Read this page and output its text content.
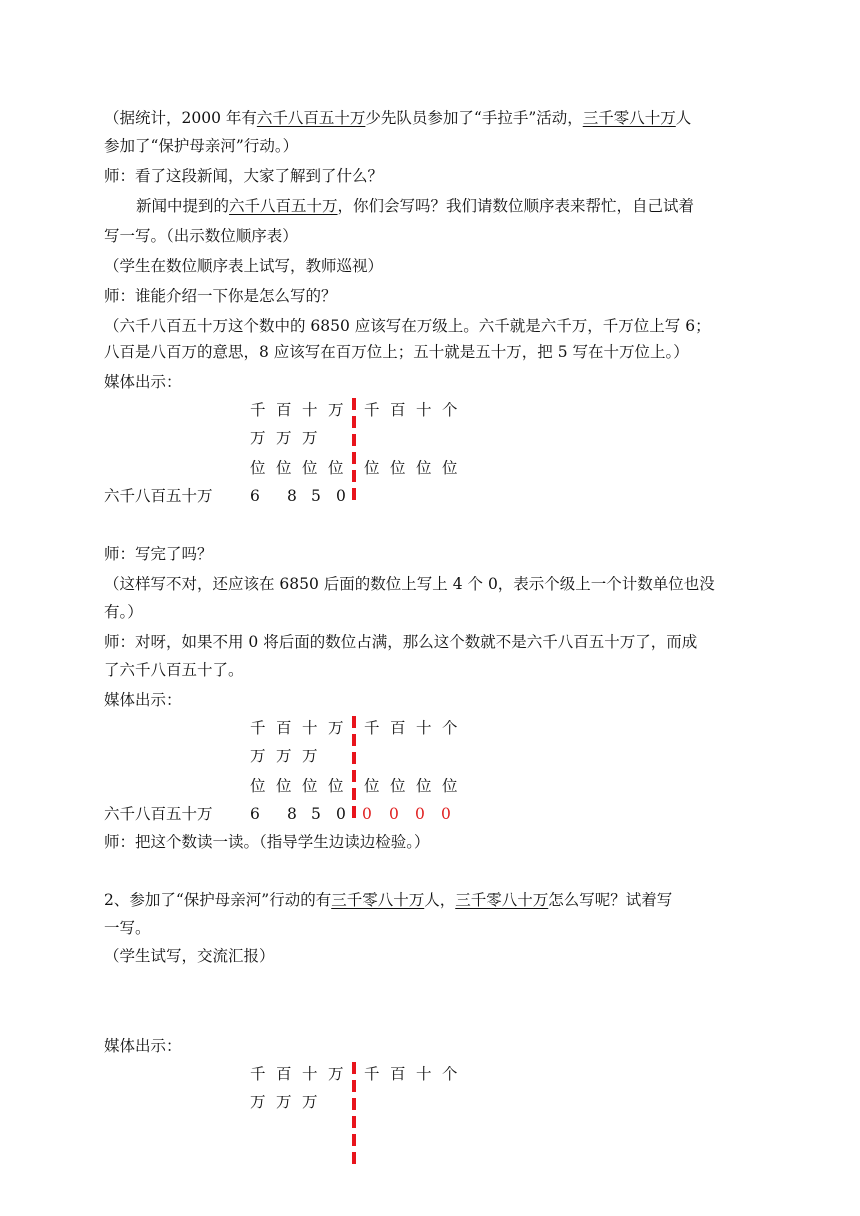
（据统计，2000 年有六千八百五十万少先队员参加了“手拉手”活动，三千零八十万人
参加了“保护母亲河”行动。）
师：看了这段新闻，大家了解到了什么？
新闻中提到的六千八百五十万，你们会写吗？我们请数位顺序表来帮忙，自己试着
写一写。（出示数位顺序表）
（学生在数位顺序表上试写，教师巡视）
师：谁能介绍一下你是怎么写的？
（六千八百五十万这个数中的 6850 应该写在万级上。六千就是六千万，千万位上写 6；
八百是八百万的意思，8 应该写在百万位上；五十就是五十万，把 5 写在十万位上。）
媒体出示：
千 百 十 万 千 百 十 个
万 万 万
位 位 位 位 位 位 位 位
六千八百五十万 6 8 5 0
师：写完了吗？
（这样写不对，还应该在 6850 后面的数位上写上 4 个 0，表示个级上一个计数单位也没
有。）
师：对呀，如果不用 0 将后面的数位占满，那么这个数就不是六千八百五十万了，而成
了六千八百五十了。
媒体出示：
千 百 十 万 千 百 十 个
万 万 万
位 位 位 位 位 位 位 位
六千八百五十万 6 8 5 0 0 0 0 0
师：把这个数读一读。（指导学生边读边检验。）
2、参加了“保护母亲河”行动的有三千零八十万人，三千零八十万怎么写呢？试着写
一写。
（学生试写，交流汇报）
媒体出示：
千 百 十 万 千 百 十 个
万 万 万
